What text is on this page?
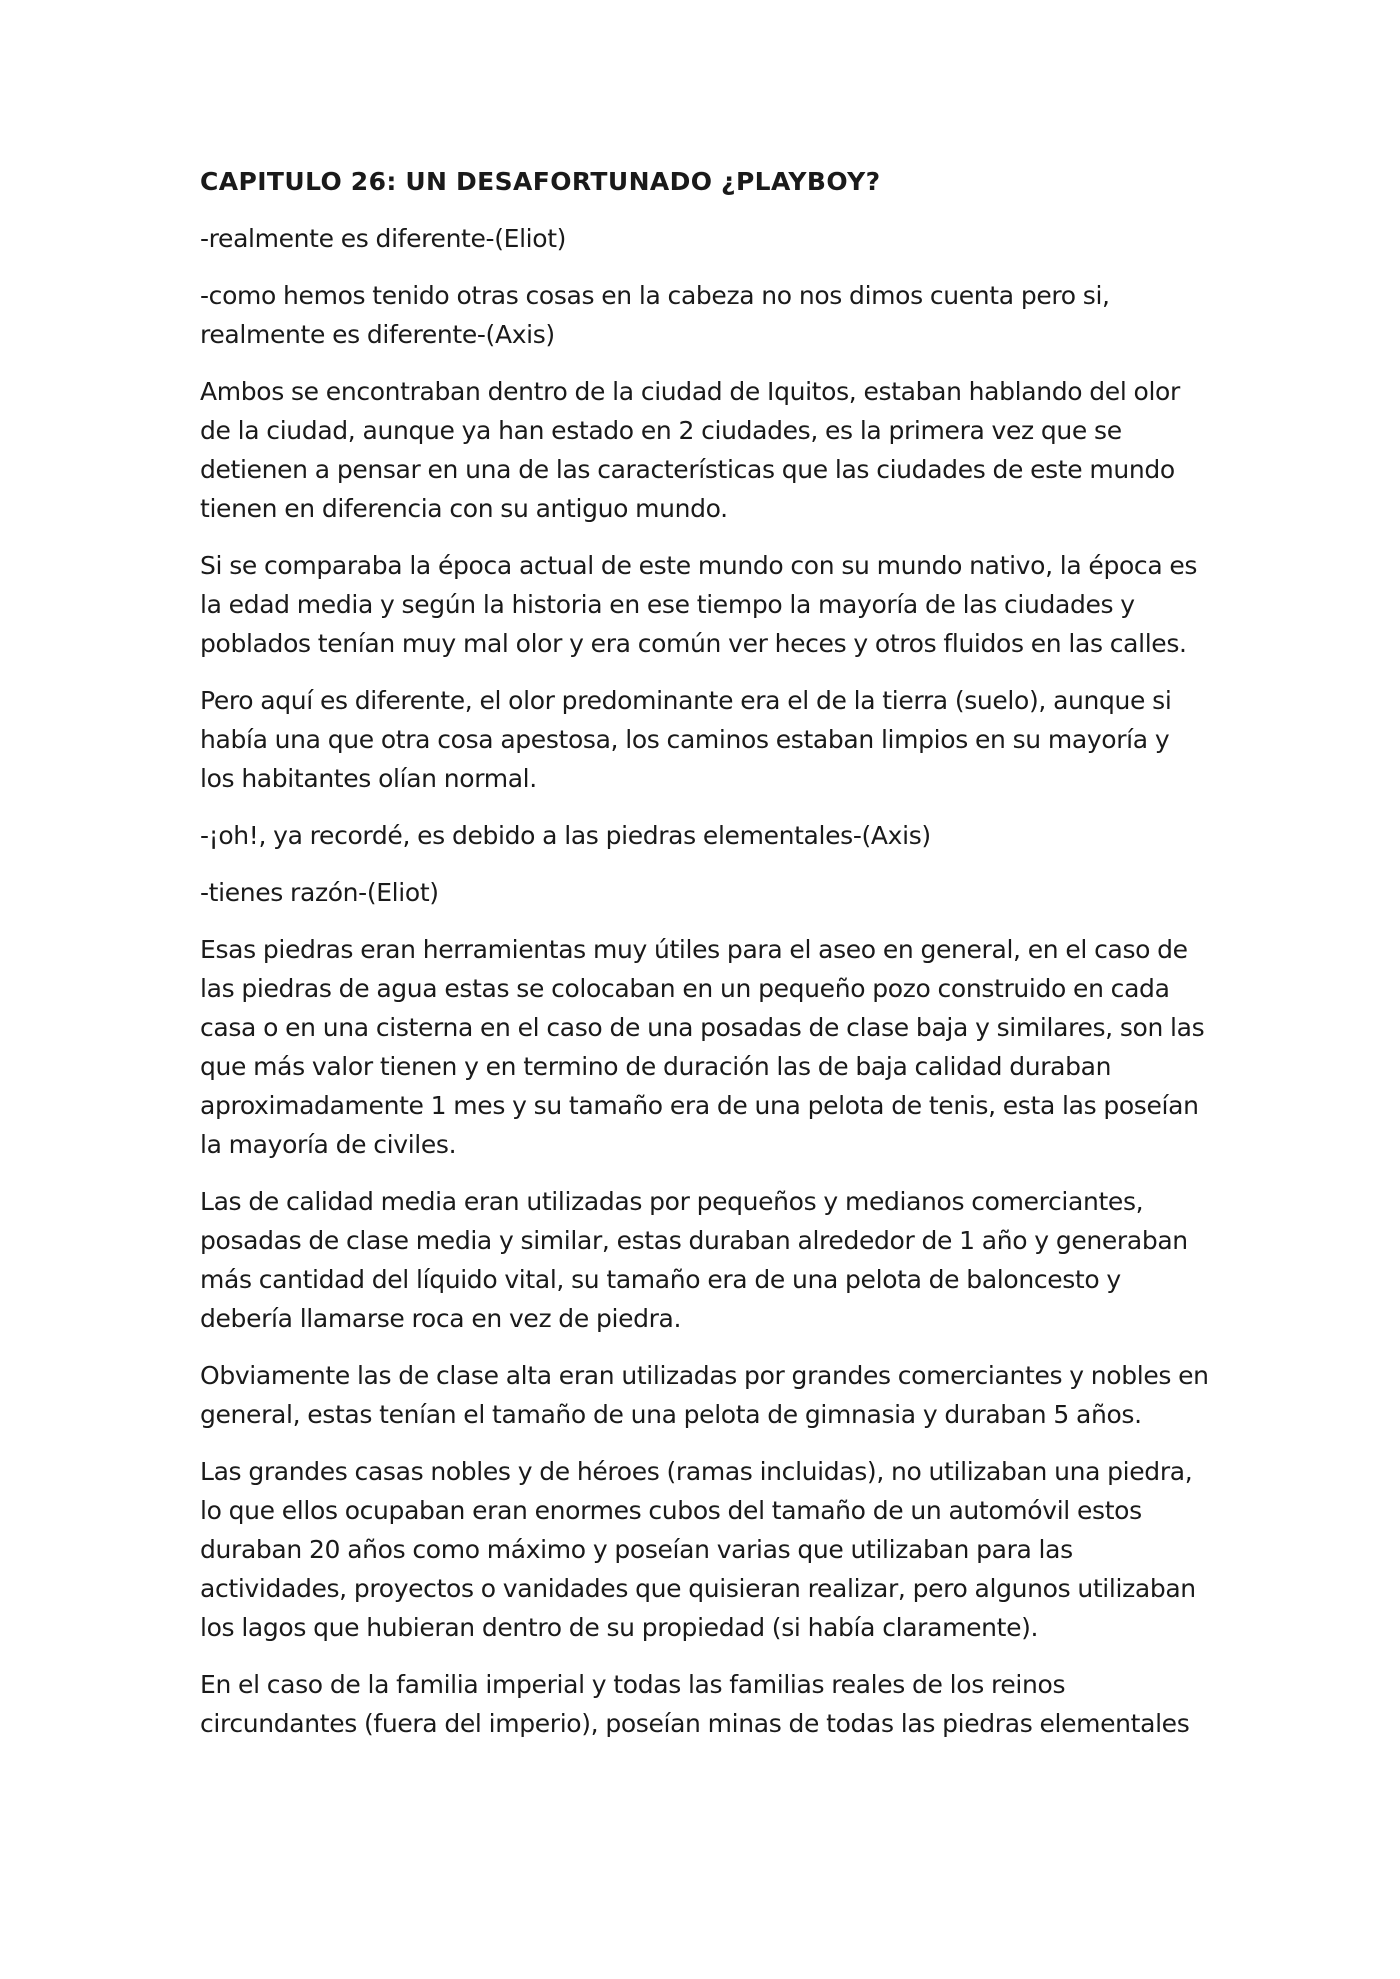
CAPITULO 26: UN DESAFORTUNADO ¿PLAYBOY?

-realmente es diferente-(Eliot)

-como hemos tenido otras cosas en la cabeza no nos dimos cuenta pero si, realmente es diferente-(Axis)

Ambos se encontraban dentro de la ciudad de Iquitos, estaban hablando del olor de la ciudad, aunque ya han estado en 2 ciudades, es la primera vez que se detienen a pensar en una de las características que las ciudades de este mundo tienen en diferencia con su antiguo mundo.

Si se comparaba la época actual de este mundo con su mundo nativo, la época es la edad media y según la historia en ese tiempo la mayoría de las ciudades y poblados tenían muy mal olor y era común ver heces y otros fluidos en las calles.

Pero aquí es diferente, el olor predominante era el de la tierra (suelo), aunque si había una que otra cosa apestosa, los caminos estaban limpios en su mayoría y los habitantes olían normal.

-¡oh!, ya recordé, es debido a las piedras elementales-(Axis)

-tienes razón-(Eliot)

Esas piedras eran herramientas muy útiles para el aseo en general, en el caso de las piedras de agua estas se colocaban en un pequeño pozo construido en cada casa o en una cisterna en el caso de una posadas de clase baja y similares, son las que más valor tienen y en termino de duración las de baja calidad duraban aproximadamente 1 mes y su tamaño era de una pelota de tenis, esta las poseían la mayoría de civiles.

Las de calidad media eran utilizadas por pequeños y medianos comerciantes, posadas de clase media y similar, estas duraban alrededor de 1 año y generaban más cantidad del líquido vital, su tamaño era de una pelota de baloncesto y debería llamarse roca en vez de piedra.

Obviamente las de clase alta eran utilizadas por grandes comerciantes y nobles en general, estas tenían el tamaño de una pelota de gimnasia y duraban 5 años.

Las grandes casas nobles y de héroes (ramas incluidas), no utilizaban una piedra, lo que ellos ocupaban eran enormes cubos del tamaño de un automóvil estos duraban 20 años como máximo y poseían varias que utilizaban para las actividades, proyectos o vanidades que quisieran realizar, pero algunos utilizaban los lagos que hubieran dentro de su propiedad (si había claramente).

En el caso de la familia imperial y todas las familias reales de los reinos circundantes (fuera del imperio), poseían minas de todas las piedras elementales
